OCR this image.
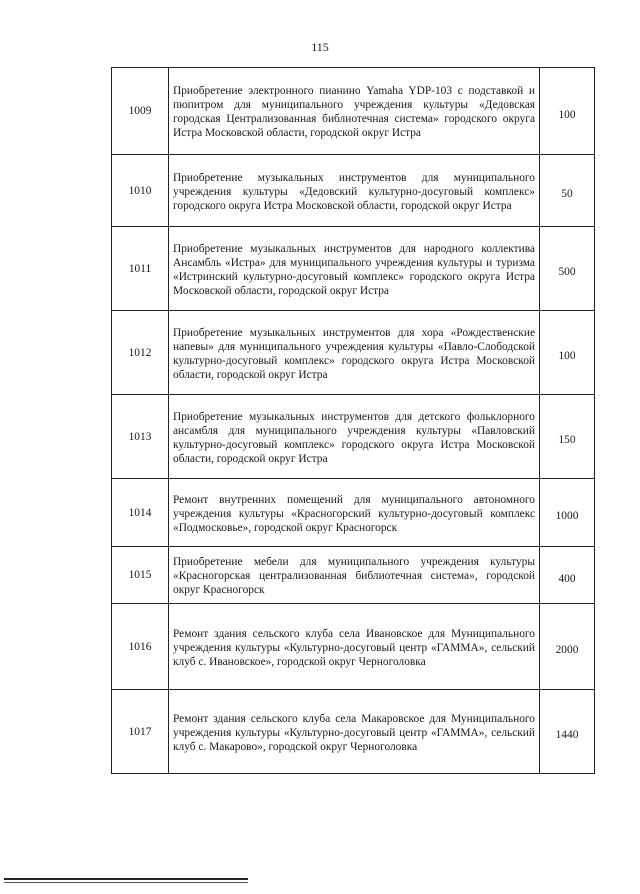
115
1009	Приобретение электронного пианино Yamaha YDP-103 с подставкой и пюпитром для муниципального учреждения культуры «Дедовская городская Централизованная библиотечная система» городского округа Истра Московской области, городской округ Истра	100
1010	Приобретение музыкальных инструментов для муниципального учреждения культуры «Дедовский культурно-досуговый комплекс» городского округа Истра Московской области, городской округ Истра	50
1011	Приобретение музыкальных инструментов для народного коллектива Ансамбль «Истра» для муниципального учреждения культуры и туризма «Истринский культурно-досуговый комплекс» городского округа Истра Московской области, городской округ Истра	500
1012	Приобретение музыкальных инструментов для хора «Рождественские напевы» для муниципального учреждения культуры «Павло-Слободской культурно-досуговый комплекс» городского округа Истра Московской области, городской округ Истра	100
1013	Приобретение музыкальных инструментов для детского фольклорного ансамбля для муниципального учреждения культуры «Павловский культурно-досуговый комплекс» городского округа Истра Московской области, городской округ Истра	150
1014	Ремонт внутренних помещений для муниципального автономного учреждения культуры «Красногорский культурно-досуговый комплекс «Подмосковье», городской округ Красногорск	1000
1015	Приобретение мебели для муниципального учреждения культуры «Красногорская централизованная библиотечная система», городской округ Красногорск	400
1016	Ремонт здания сельского клуба села Ивановское для Муниципального учреждения культуры «Культурно-досуговый центр «ГАММА», сельский клуб с. Ивановское», городской округ Черноголовка	2000
1017	Ремонт здания сельского клуба села Макаровское для Муниципального учреждения культуры «Культурно-досуговый центр «ГАММА», сельский клуб с. Макарово», городской округ Черноголовка	1440
